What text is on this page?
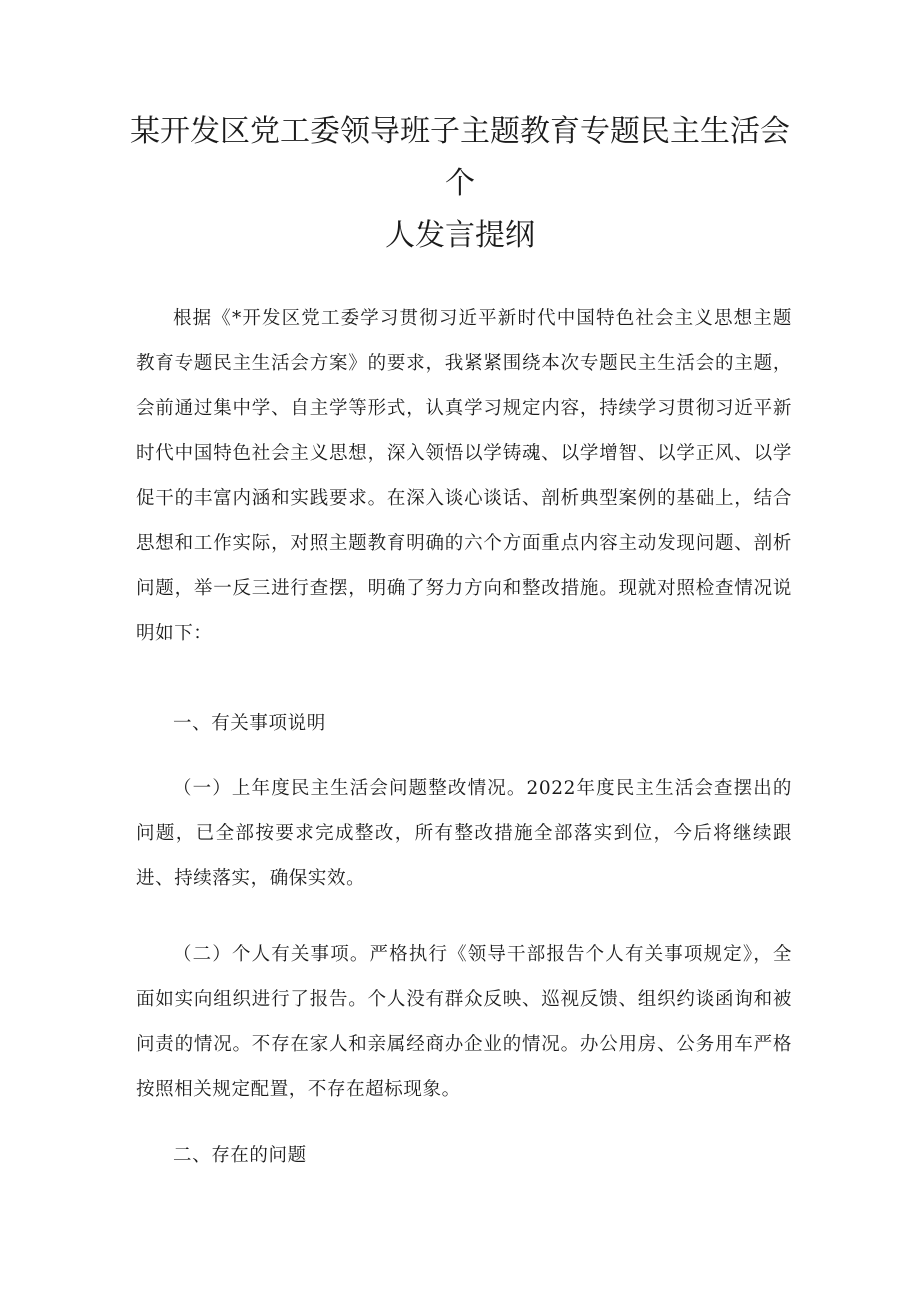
某开发区党工委领导班子主题教育专题民主生活会个
人发言提纲

根据《*开发区党工委学习贯彻习近平新时代中国特色社会主义思想主题教育专题民主生活会方案》的要求，我紧紧围绕本次专题民主生活会的主题，会前通过集中学、自主学等形式，认真学习规定内容，持续学习贯彻习近平新时代中国特色社会主义思想，深入领悟以学铸魂、以学增智、以学正风、以学促干的丰富内涵和实践要求。在深入谈心谈话、剖析典型案例的基础上，结合思想和工作实际，对照主题教育明确的六个方面重点内容主动发现问题、剖析问题，举一反三进行查摆，明确了努力方向和整改措施。现就对照检查情况说明如下：

一、有关事项说明

（一）上年度民主生活会问题整改情况。2022年度民主生活会查摆出的问题，已全部按要求完成整改，所有整改措施全部落实到位，今后将继续跟进、持续落实，确保实效。

（二）个人有关事项。严格执行《领导干部报告个人有关事项规定》，全面如实向组织进行了报告。个人没有群众反映、巡视反馈、组织约谈函询和被问责的情况。不存在家人和亲属经商办企业的情况。办公用房、公务用车严格按照相关规定配置，不存在超标现象。

二、存在的问题
